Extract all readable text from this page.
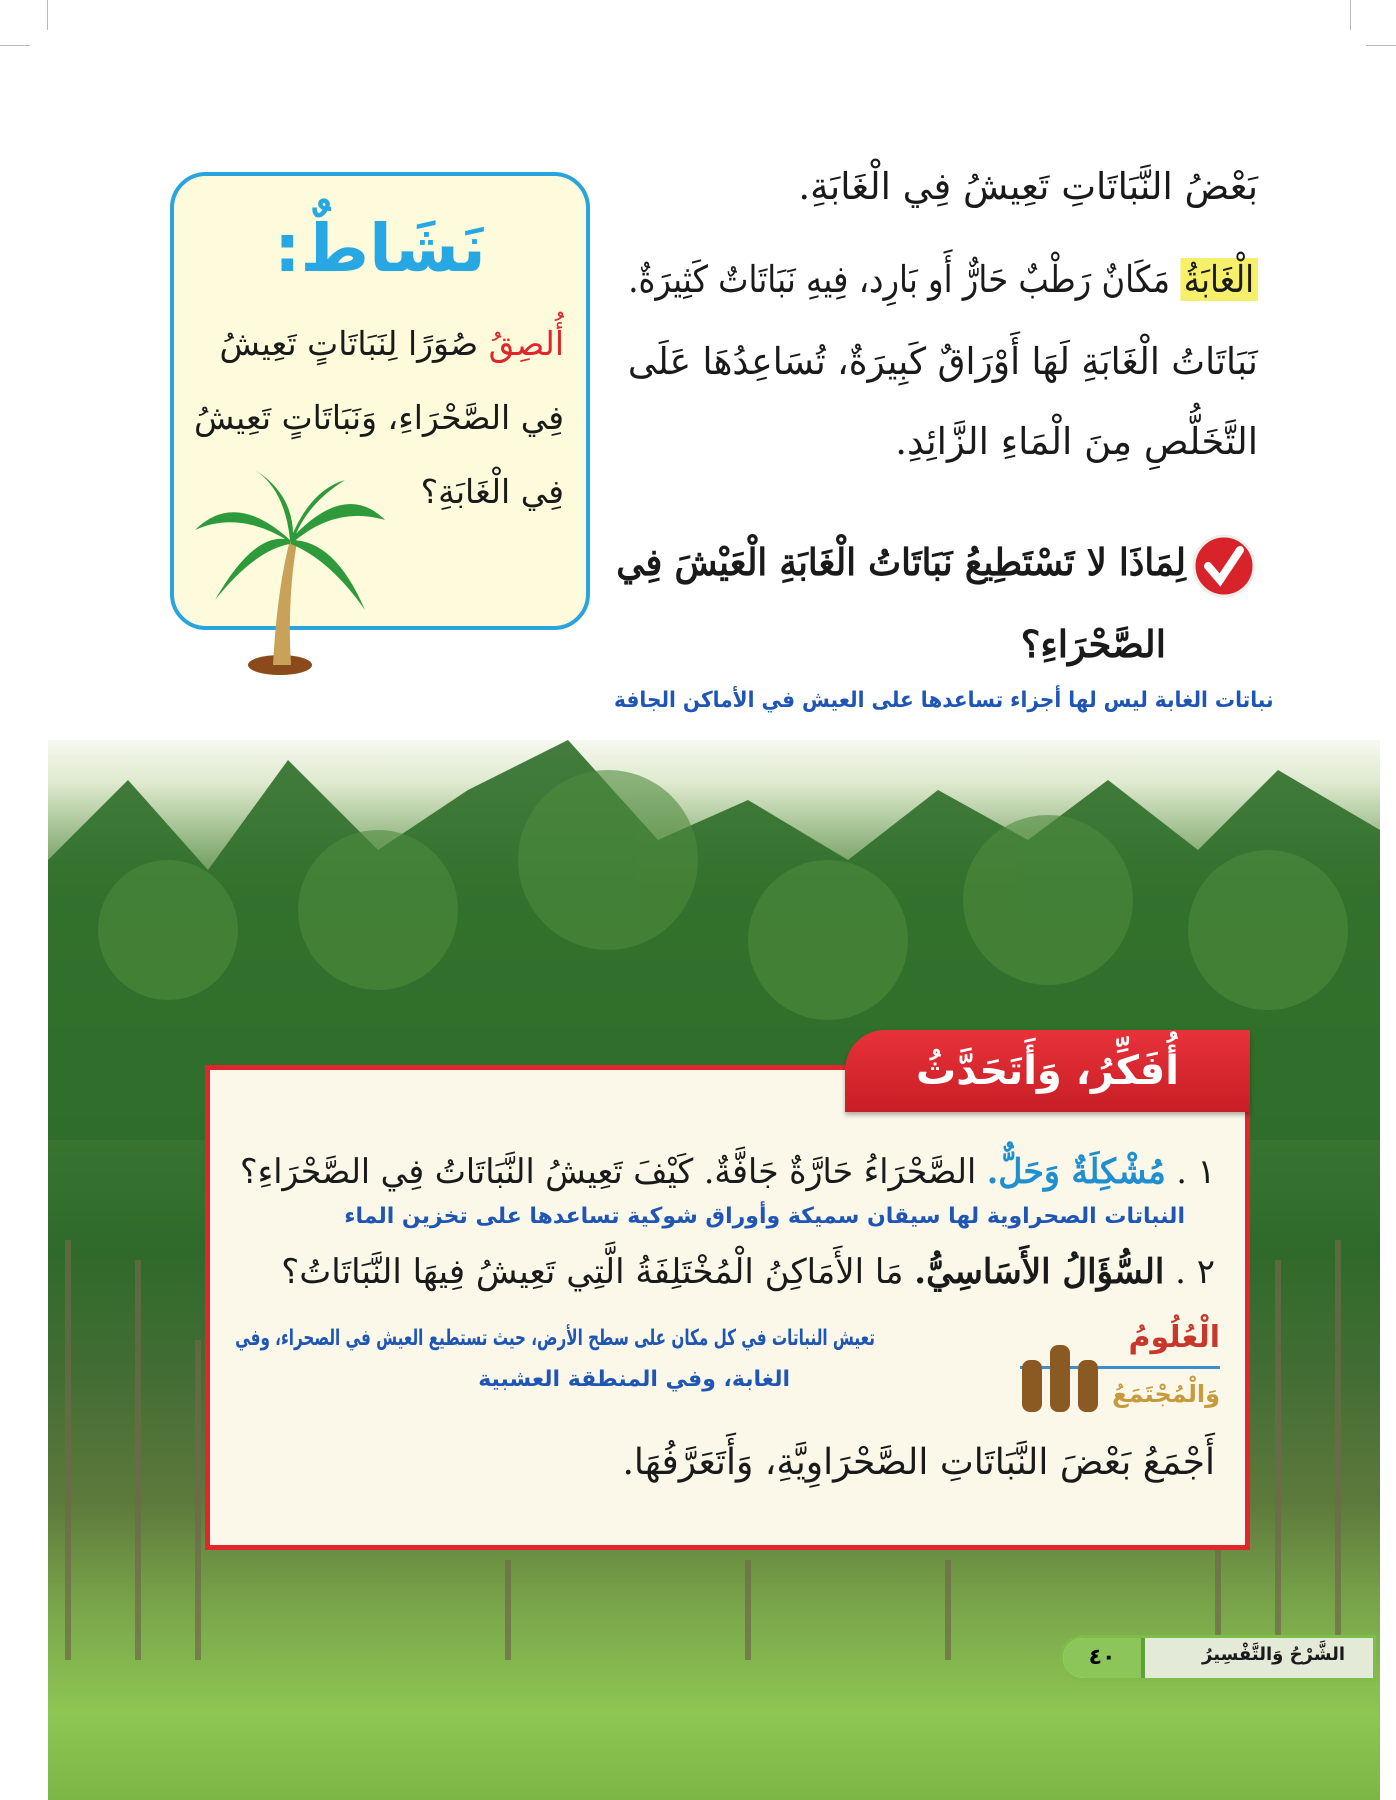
بَعْضُ النَّبَاتَاتِ تَعِيشُ فِي الْغَابَةِ.
الْغَابَةُ مَكَانٌ رَطْبٌ حَارٌّ أَو بَارِد، فِيهِ نَبَاتَاتٌ كَثِيرَةٌ.
نَبَاتَاتُ الْغَابَةِ لَهَا أَوْرَاقٌ كَبِيرَةٌ، تُسَاعِدُهَا عَلَى
التَّخَلُّصِ مِنَ الْمَاءِ الزَّائِدِ.
لِمَاذَا لا تَسْتَطِيعُ نَبَاتَاتُ الْغَابَةِ الْعَيْشَ فِي
الصَّحْرَاءِ؟
نباتات الغابة ليس لها أجزاء تساعدها على العيش في الأماكن الجافة
نَشَاطٌ:
أُلصِقُ صُوَرًا لِنَبَاتَاتٍ تَعِيشُ
فِي الصَّحْرَاءِ، وَنَبَاتَاتٍ تَعِيشُ
فِي الْغَابَةِ؟
١ . مُشْكِلَةٌ وَحَلٌّ. الصَّحْرَاءُ حَارَّةٌ جَافَّةٌ. كَيْفَ تَعِيشُ النَّبَاتَاتُ فِي الصَّحْرَاءِ؟
النباتات الصحراوية لها سيقان سميكة وأوراق شوكية تساعدها على تخزين الماء
٢ . السُّؤَالُ الأَسَاسِيُّ. مَا الأَمَاكِنُ الْمُخْتَلِفَةُ الَّتِي تَعِيشُ فِيهَا النَّبَاتَاتُ؟
تعيش النباتات في كل مكان على سطح الأرض، حيث تستطيع العيش في الصحراء، وفي
الغابة، وفي المنطقة العشبية
الْعُلُومُ
وَالْمُجْتَمَعُ
أَجْمَعُ بَعْضَ النَّبَاتَاتِ الصَّحْرَاوِيَّةِ، وَأَتَعَرَّفُهَا.
أُفَكِّرُ، وَأَتَحَدَّثُ
الشَّرْحُ وَالتَّفْسِيرُ
٤٠
